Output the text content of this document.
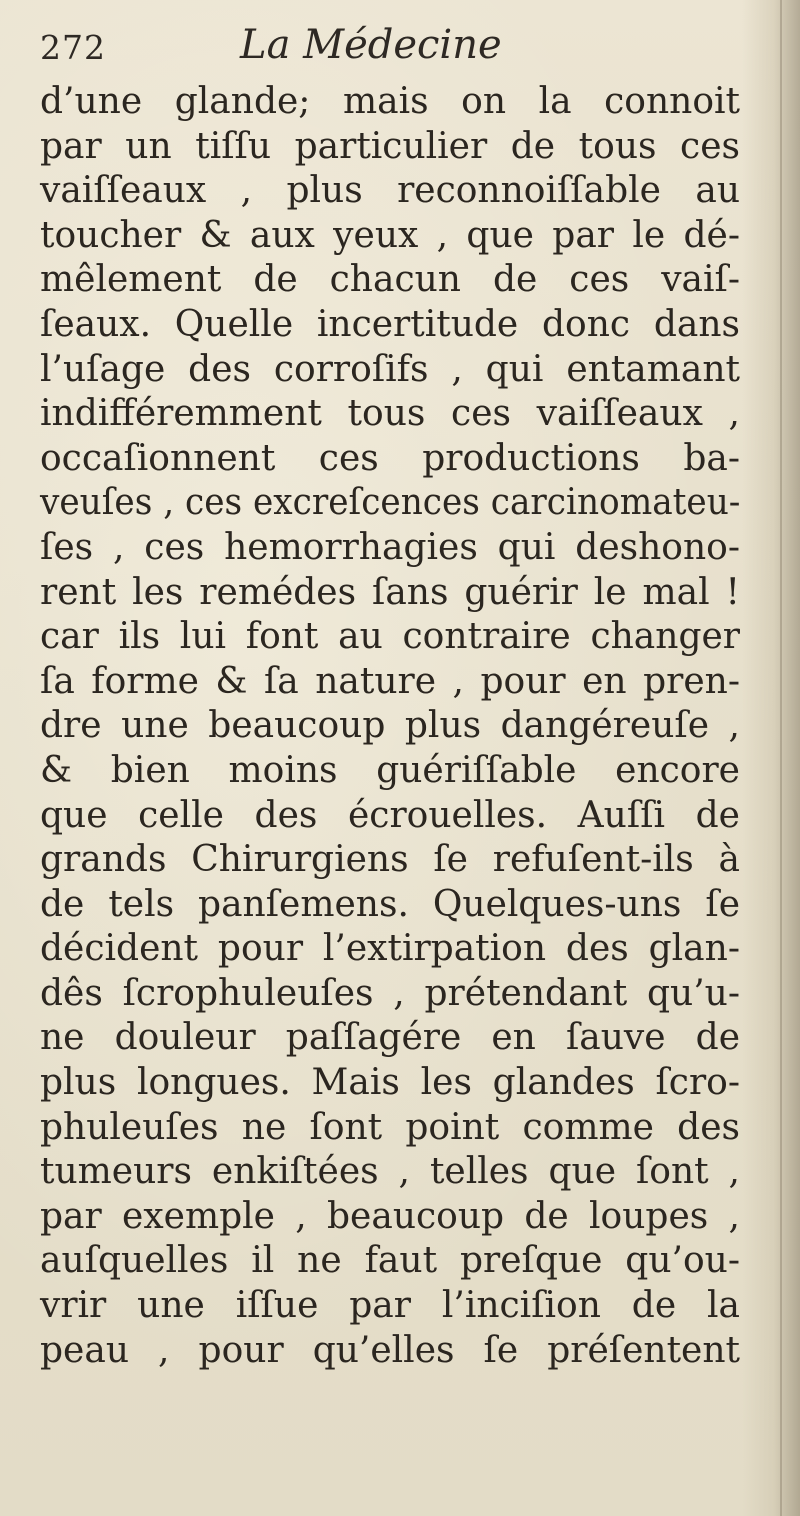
272	La Médecine
d’une glande; mais on la connoit
par un tiſſu particulier de tous ces
vaiſſeaux , plus reconnoiſſable au
toucher & aux yeux , que par le dé-
mêlement de chacun de ces vaiſ-
ſeaux. Quelle incertitude donc dans
l’uſage des corroſifs , qui entamant
indifféremment tous ces vaiſſeaux ,
occaſionnent ces productions ba-
veuſes , ces excreſcences carcinomateu-
ſes , ces hemorrhagies qui deshono-
rent les remédes ſans guérir le mal !
car ils lui font au contraire changer
ſa forme & ſa nature , pour en pren-
dre une beaucoup plus dangéreuſe ,
& bien moins guériſſable encore
que celle des écrouelles. Auſſi de
grands Chirurgiens ſe refuſent-ils à
de tels panſemens. Quelques-uns ſe
décident pour l’extirpation des glan-
dês ſcrophuleuſes , prétendant qu’u-
ne douleur paſſagére en ſauve de
plus longues. Mais les glandes ſcro-
phuleuſes ne ſont point comme des
tumeurs enkiſtées , telles que ſont ,
par exemple , beaucoup de loupes ,
auſquelles il ne faut preſque qu’ou-
vrir une iſſue par l’inciſion de la
peau , pour qu’elles ſe préſentent
